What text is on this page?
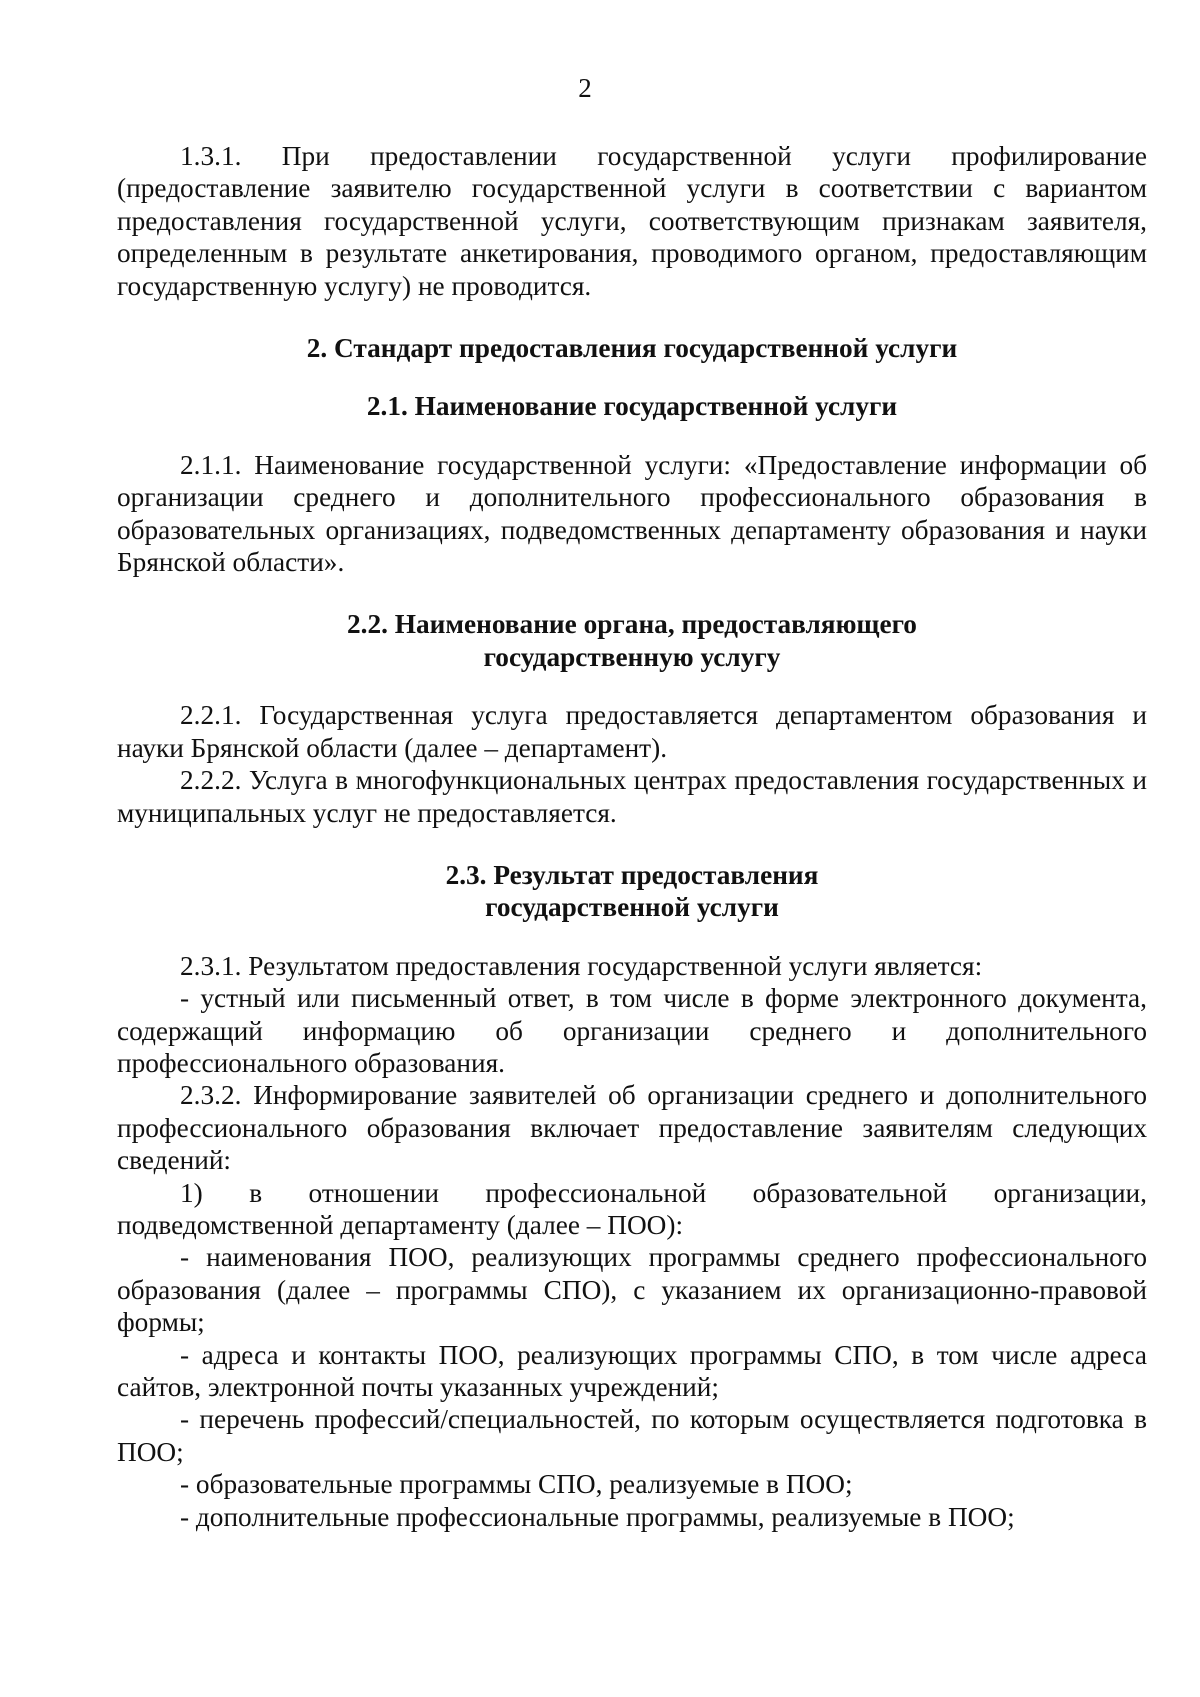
2

1.3.1. При предоставлении государственной услуги профилирование (предоставление заявителю государственной услуги в соответствии с вариантом предоставления государственной услуги, соответствующим признакам заявителя, определенным в результате анкетирования, проводимого органом, предоставляющим государственную услугу) не проводится.

2. Стандарт предоставления государственной услуги
2.1. Наименование государственной услуги

2.1.1. Наименование государственной услуги: «Предоставление информации об организации среднего и дополнительного профессионального образования в образовательных организациях, подведомственных департаменту образования и науки Брянской области».

2.2. Наименование органа, предоставляющего
государственную услугу

2.2.1. Государственная услуга предоставляется департаментом образования и науки Брянской области (далее – департамент).

2.2.2. Услуга в многофункциональных центрах предоставления государственных и муниципальных услуг не предоставляется.

2.3. Результат предоставления
государственной услуги

2.3.1. Результатом предоставления государственной услуги является:

- устный или письменный ответ, в том числе в форме электронного документа, содержащий информацию об организации среднего и дополнительного профессионального образования.

2.3.2. Информирование заявителей об организации среднего и дополнительного профессионального образования включает предоставление заявителям следующих сведений:

1) в отношении профессиональной образовательной организации, подведомственной департаменту (далее – ПОО):

- наименования ПОО, реализующих программы среднего профессионального образования (далее – программы СПО), с указанием их организационно-правовой формы;

- адреса и контакты ПОО, реализующих программы СПО, в том числе адреса сайтов, электронной почты указанных учреждений;

- перечень профессий/специальностей, по которым осуществляется подготовка в ПОО;

- образовательные программы СПО, реализуемые в ПОО;

- дополнительные профессиональные программы, реализуемые в ПОО;
